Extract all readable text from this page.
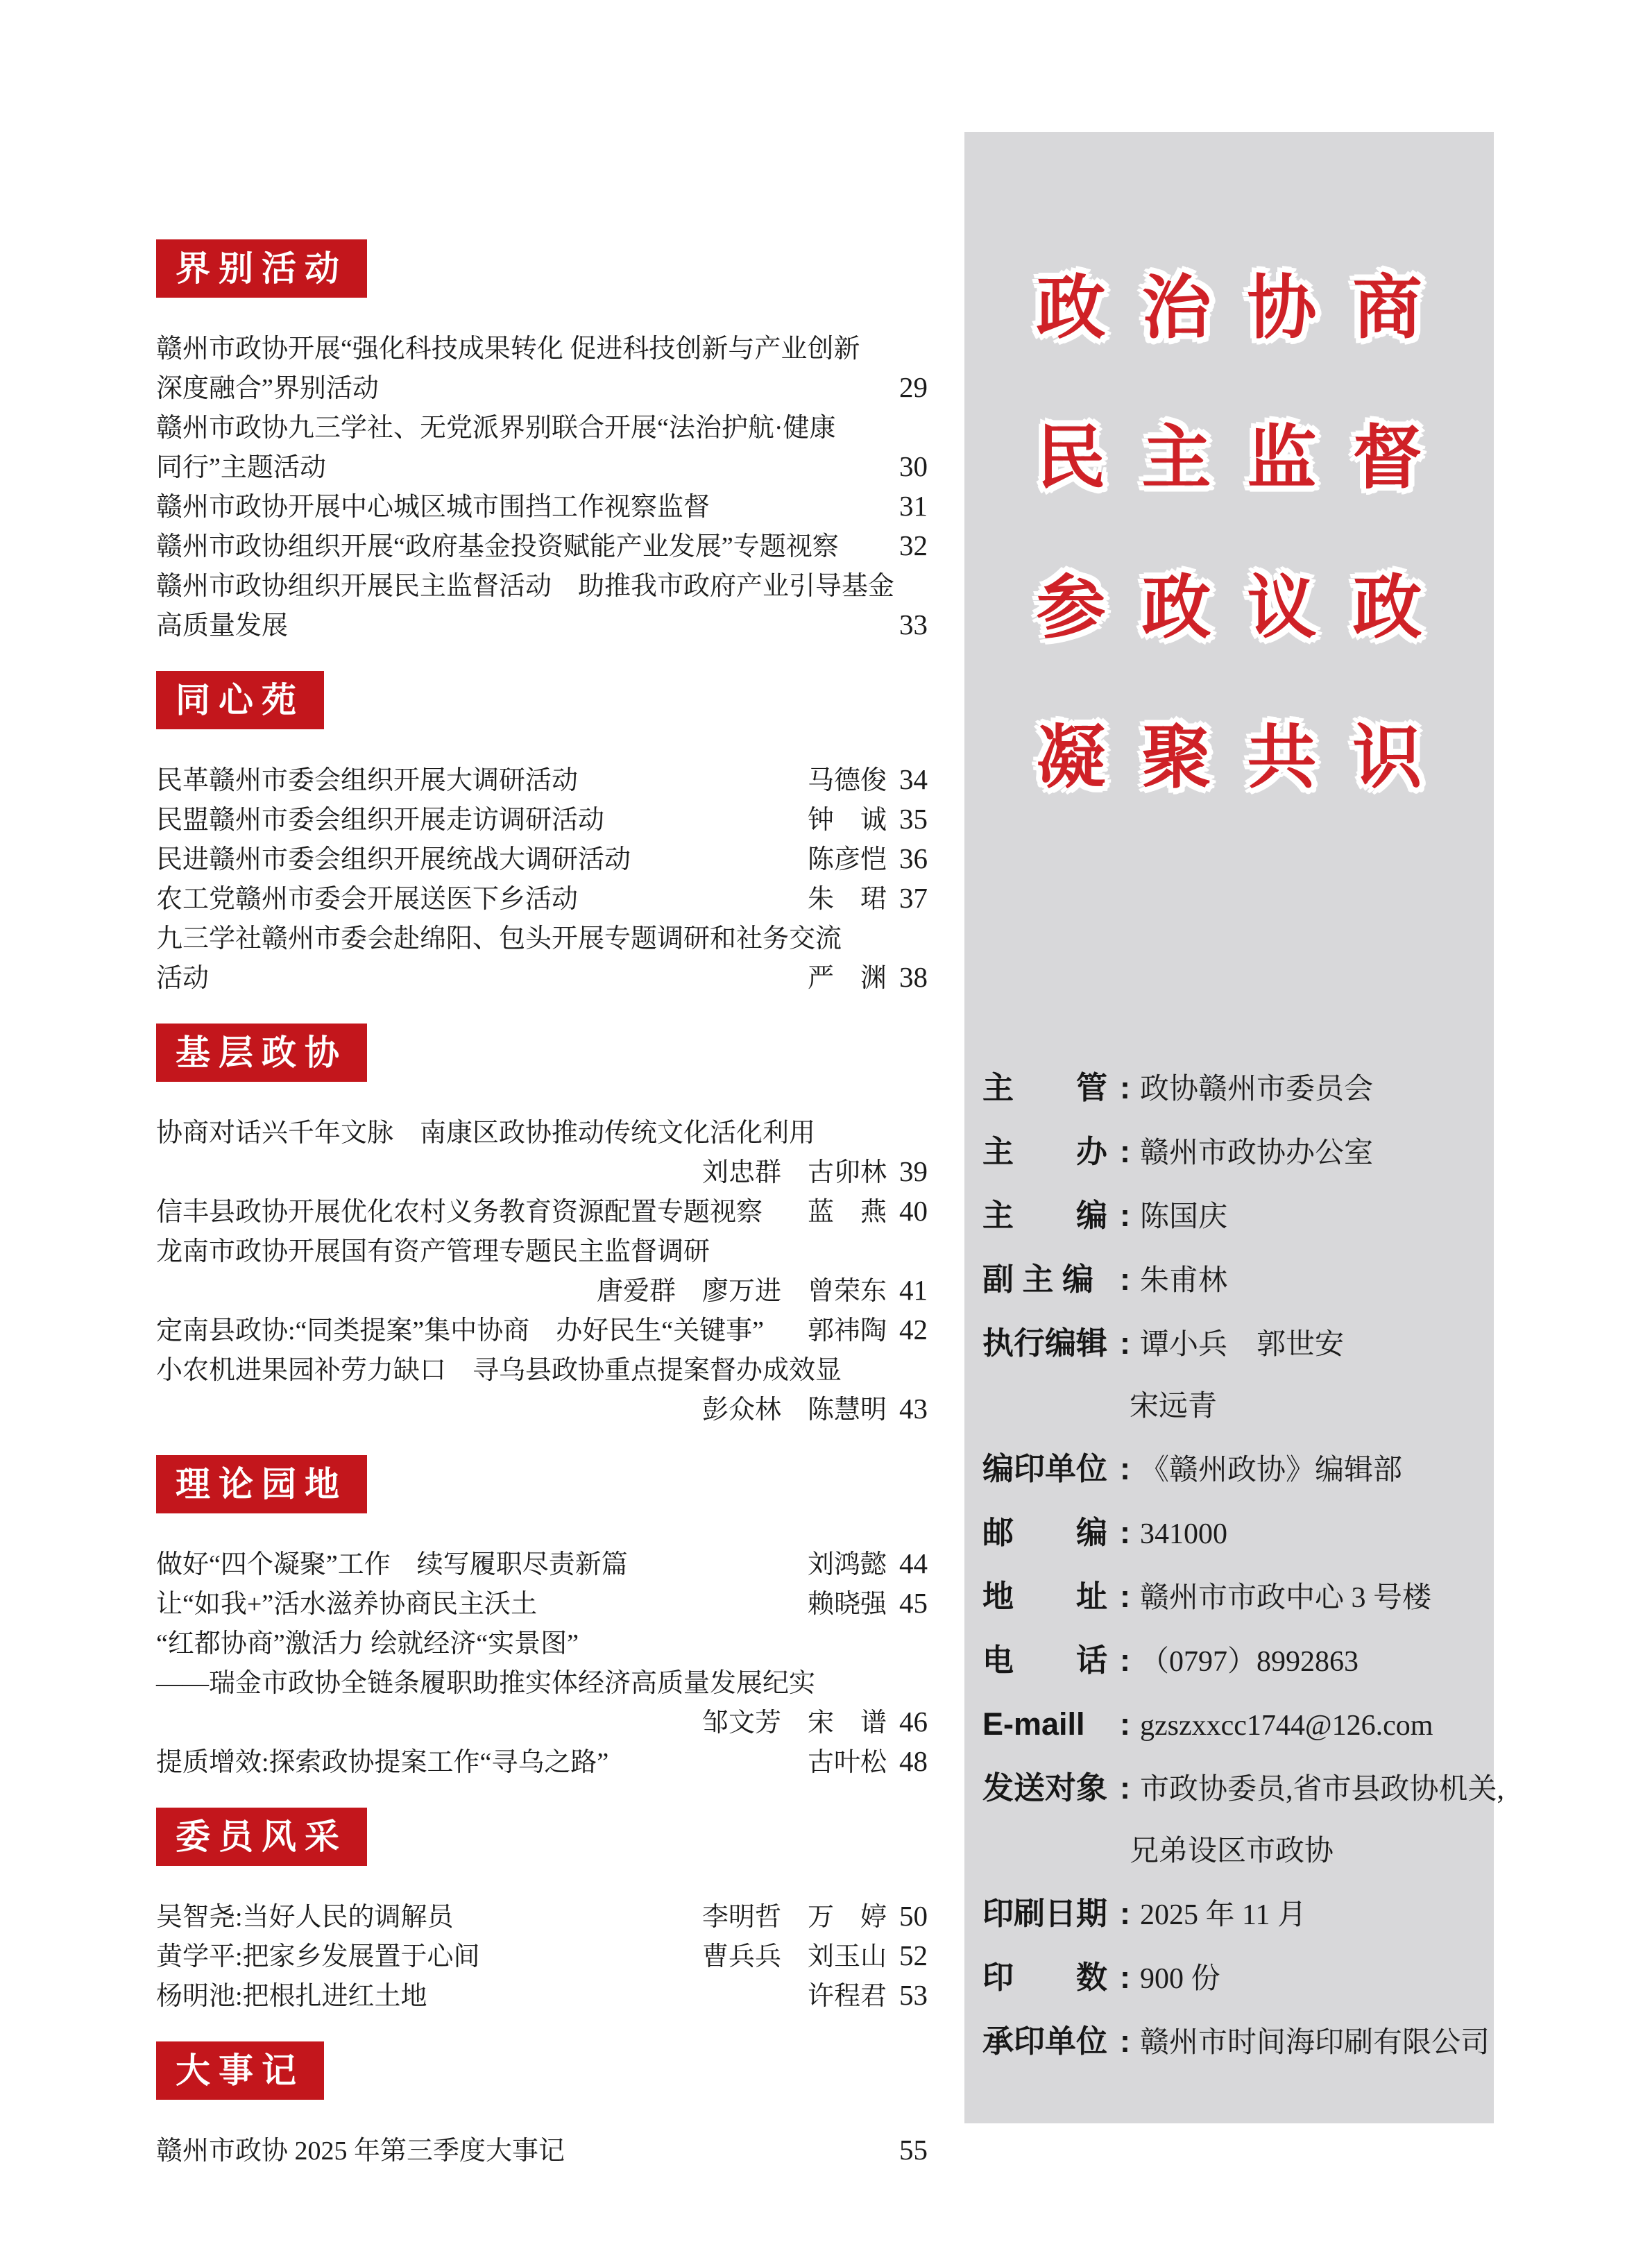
界别活动
赣州市政协开展“强化科技成果转化 促进科技创新与产业创新
深度融合”界别活动	29
赣州市政协九三学社、无党派界别联合开展“法治护航·健康
同行”主题活动	30
赣州市政协开展中心城区城市围挡工作视察监督	31
赣州市政协组织开展“政府基金投资赋能产业发展”专题视察 32
赣州市政协组织开展民主监督活动　助推我市政府产业引导基金
高质量发展	33
同心苑
民革赣州市委会组织开展大调研活动	马德俊 34
民盟赣州市委会组织开展走访调研活动	钟　诚 35
民进赣州市委会组织开展统战大调研活动	陈彦恺 36
农工党赣州市委会开展送医下乡活动	朱　珺 37
九三学社赣州市委会赴绵阳、包头开展专题调研和社务交流
活动	严　渊 38
基层政协
协商对话兴千年文脉　南康区政协推动传统文化活化利用
刘忠群　古卯林 39
信丰县政协开展优化农村义务教育资源配置专题视察 蓝　燕 40
龙南市政协开展国有资产管理专题民主监督调研
唐爱群　廖万进　曾荣东 41
定南县政协:“同类提案”集中协商　办好民生“关键事” 郭祎陶 42
小农机进果园补劳力缺口　寻乌县政协重点提案督办成效显
彭众林　陈慧明 43
理论园地
做好“四个凝聚”工作　续写履职尽责新篇	刘鸿懿 44
让“如我+”活水滋养协商民主沃土	赖晓强 45
“红都协商”激活力 绘就经济“实景图”
——瑞金市政协全链条履职助推实体经济高质量发展纪实
邹文芳　宋　谱 46
提质增效:探索政协提案工作“寻乌之路”	古叶松 48
委员风采
吴智尧:当好人民的调解员	李明哲　万　婷 50
黄学平:把家乡发展置于心间	曹兵兵　刘玉山 52
杨明池:把根扎进红土地	许程君 53
大事记
赣州市政协 2025 年第三季度大事记	55
政治协商
民主监督
参政议政
凝聚共识
主　　管 : 政协赣州市委员会
主　　办 : 赣州市政协办公室
主　　编 : 陈国庆
副 主 编 : 朱甫林
执行编辑 : 谭小兵　郭世安
宋远青
编印单位 : 《赣州政协》编辑部
邮　　编 : 341000
地　　址 : 赣州市市政中心 3 号楼
电　　话 : （0797）8992863
E-maill	: gzszxxcc1744@126.com
发送对象 : 市政协委员,省市县政协机关,
兄弟设区市政协
印刷日期 : 2025 年 11 月
印　　数 : 900 份
承印单位 : 赣州市时间海印刷有限公司
